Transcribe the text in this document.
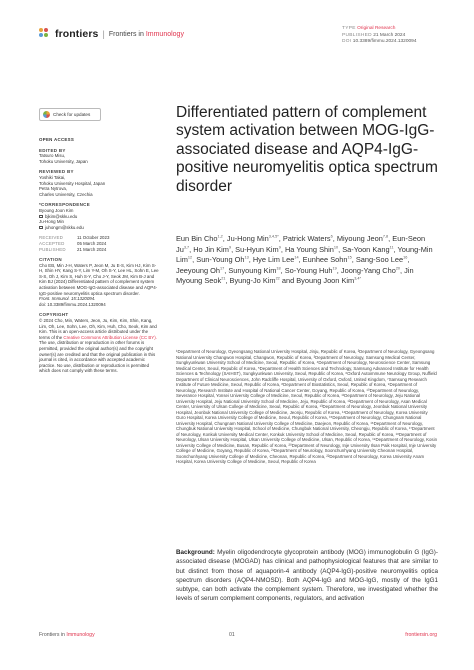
frontiers | Frontiers in Immunology
TYPE Original Research
PUBLISHED 21 March 2024
DOI 10.3389/fimmu.2024.1320094
Check for updates
OPEN ACCESS
EDITED BY

Tatsuro Misu,

Tohoku University, Japan

REVIEWED BY

Yoshiki Takai,

Tohoku University Hospital, Japan

Petra Nytrova,

Charles University, Czechia

*CORRESPONDENCE

Byoung Joon Kim

bjkim@skku.edu

Ju-Hong Min

juhongm@skku.edu
RECEIVED	11 October 2023
ACCEPTED	05 March 2024
PUBLISHED	21 March 2024
CITATION

Cho EB, Min J-H, Waters P, Jeon M, Ju E-S, Kim HJ, Kim S-H, Shin HY, Kang S-Y, Lim Y-M, Oh S-Y, Lee HL, Sohn E, Lee S-S, Oh J, Kim S, Huh S-Y, Cho J-Y, Seok JM, Kim B-J and Kim BJ (2024) Differentiated pattern of complement system activation between MOG-IgG-associated disease and AQP4-IgG-positive neuromyelitis optica spectrum disorder.

Front. Immunol. 15:1320094.

doi: 10.3389/fimmu.2024.1320094

COPYRIGHT

© 2024 Cho, Min, Waters, Jeon, Ju, Kim, Kim, Shin, Kang, Lim, Oh, Lee, Sohn, Lee, Oh, Kim, Huh, Cho, Seok, Kim and Kim. This is an open-access article distributed under the terms of the Creative Commons Attribution License (CC BY). The use, distribution or reproduction in other forums is permitted, provided the original author(s) and the copyright owner(s) are credited and that the original publication in this journal is cited, in accordance with accepted academic practice. No use, distribution or reproduction is permitted which does not comply with these terms.

Differentiated pattern of complement system activation between MOG-IgG-associated disease and AQP4-IgG-positive neuromyelitis optica spectrum disorder
Eun Bin Cho$^{1,2}$, Ju-Hong Min$^{3,4,5*}$, Patrick Waters$^6$, Miyoung Jeon$^{7,8}$, Eun-Seon Ju$^{3,7}$, Ho Jin Kim$^9$, Su-Hyun Kim$^9$, Ha Young Shin$^{10}$, Sa-Yoon Kang$^{11}$, Young-Min Lim$^{12}$, Sun-Young Oh$^{13}$, Hye Lim Lee$^{14}$, Eunhee Sohn$^{15}$, Sang-Soo Lee$^{16}$, Jeeyoung Oh$^{17}$, Sunyoung Kim$^{18}$, So-Young Huh$^{19}$, Joong-Yang Cho$^{20}$, Jin Myoung Seok$^{21}$, Byung-Jo Kim$^{22}$ and Byoung Joon Kim$^{3,4*}$
¹Department of Neurology, Gyeongsang National University Hospital, Jinju, Republic of Korea, ²Department of Neurology, Gyeongsang National University Changwon Hospital, Changwon, Republic of Korea, ³Department of Neurology, Samsung Medical Center, Sungkyunkwan University School of Medicine, Seoul, Republic of Korea, ⁴Department of Neurology, Neuroscience Center, Samsung Medical Center, Seoul, Republic of Korea, ⁵Department of Health Sciences and Technology, Samsung Advanced Institute for Health Sciences & Technology (SAIHST), Sungkyunkwan University, Seoul, Republic of Korea, ⁶Oxford Autoimmune Neurology Group, Nuffield Department of Clinical Neurosciences, John Radcliffe Hospital, University of Oxford, Oxford, United Kingdom, ⁷Samsung Research Institute of Future Medicine, Seoul, Republic of Korea, ⁸Department of Biostatistics, Seoul, Republic of Korea, ⁹Department of Neurology, Research Institute and Hospital of National Cancer Center, Goyang, Republic of Korea, ¹⁰Department of Neurology, Severance Hospital, Yonsei University College of Medicine, Seoul, Republic of Korea, ¹¹Department of Neurology, Jeju National University Hospital, Jeju National University School of Medicine, Jeju, Republic of Korea, ¹²Department of Neurology, Asan Medical Center, University of Ulsan College of Medicine, Seoul, Republic of Korea, ¹³Department of Neurology, Jeonbuk National University Hospital, Jeonbuk National University College of Medicine, Jeonju, Republic of Korea, ¹⁴Department of Neurology, Korea University Guro Hospital, Korea University College of Medicine, Seoul, Republic of Korea, ¹⁵Department of Neurology, Chungnam National University Hospital, Chungnam National University College of Medicine, Daejeon, Republic of Korea, ¹⁶Department of Neurology, Chungbuk National University Hospital, School of Medicine, Chungbuk National University, Cheongju, Republic of Korea, ¹⁷Department of Neurology, Konkuk University Medical Center, Konkuk University School of Medicine, Seoul, Republic of Korea, ¹⁸Department of Neurology, Ulsan University Hospital, Ulsan University College of Medicine, Ulsan, Republic of Korea, ¹⁹Department of Neurology, Kosin University College of Medicine, Busan, Republic of Korea, ²⁰Department of Neurology, Inje University Ilsan Paik Hospital, Inje University College of Medicine, Goyang, Republic of Korea, ²¹Department of Neurology, Soonchunhyang University Cheonan Hospital, Soonchunhyang University College of Medicine, Cheonan, Republic of Korea, ²²Department of Neurology, Korea University Anam Hospital, Korea University College of Medicine, Seoul, Republic of Korea
Background: Myelin oligodendrocyte glycoprotein antibody (MOG) immunoglobulin G (IgG)-associated disease (MOGAD) has clinical and pathophysiological features that are similar to but distinct from those of aquaporin-4 antibody (AQP4-IgG)-positive neuromyelitis optica spectrum disorders (AQP4-NMOSD). Both AQP4-IgG and MOG-IgG, mostly of the IgG1 subtype, can both activate the complement system. Therefore, we investigated whether the levels of serum complement components, regulators, and activation
Frontiers in Immunology	01	frontiersin.org
